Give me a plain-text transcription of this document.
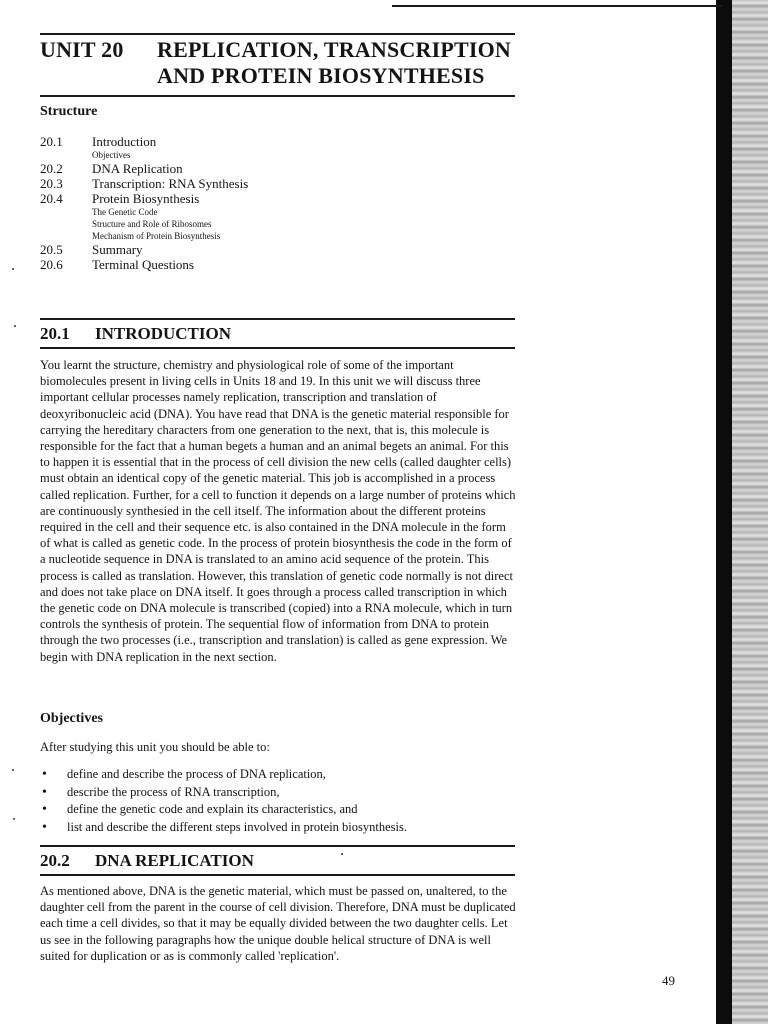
UNIT 20 REPLICATION, TRANSCRIPTION
AND PROTEIN BIOSYNTHESIS
Structure
20.1	Introduction
Objectives
20.2	DNA Replication
20.3	Transcription: RNA Synthesis
20.4	Protein Biosynthesis
The Genetic Code
Structure and Role of Ribosomes
Mechanism of Protein Biosynthesis
20.5	Summary
20.6	Terminal Questions
20.1 INTRODUCTION
You learnt the structure, chemistry and physiological role of some of the important biomolecules present in living cells in Units 18 and 19. In this unit we will discuss three important cellular processes namely replication, transcription and translation of deoxyribonucleic acid (DNA). You have read that DNA is the genetic material responsible for carrying the hereditary characters from one generation to the next, that is, this molecule is responsible for the fact that a human begets a human and an animal begets an animal. For this to happen it is essential that in the process of cell division the new cells (called daughter cells) must obtain an identical copy of the genetic material. This job is accomplished in a process called replication. Further, for a cell to function it depends on a large number of proteins which are continuously synthesied in the cell itself. The information about the different proteins required in the cell and their sequence etc. is also contained in the DNA molecule in the form of what is called as genetic code. In the process of protein biosynthesis the code in the form of a nucleotide sequence in DNA is translated to an amino acid sequence of the protein. This process is called as translation. However, this translation of genetic code normally is not direct and does not take place on DNA itself. It goes through a process called transcription in which the genetic code on DNA molecule is transcribed (copied) into a RNA molecule, which in turn controls the synthesis of protein. The sequential flow of information from DNA to protein through the two processes (i.e., transcription and translation) is called as gene expression. We begin with DNA replication in the next section.
Objectives
After studying this unit you should be able to:
• define and describe the process of DNA replication,
• describe the process of RNA transcription,
• define the genetic code and explain its characteristics, and
• list and describe the different steps involved in protein biosynthesis.
20.2 DNA REPLICATION
As mentioned above, DNA is the genetic material, which must be passed on, unaltered, to the daughter cell from the parent in the course of cell division. Therefore, DNA must be duplicated each time a cell divides, so that it may be equally divided between the two daughter cells. Let us see in the following paragraphs how the unique double helical structure of DNA is well suited for duplication or as is commonly called 'replication'.
49
